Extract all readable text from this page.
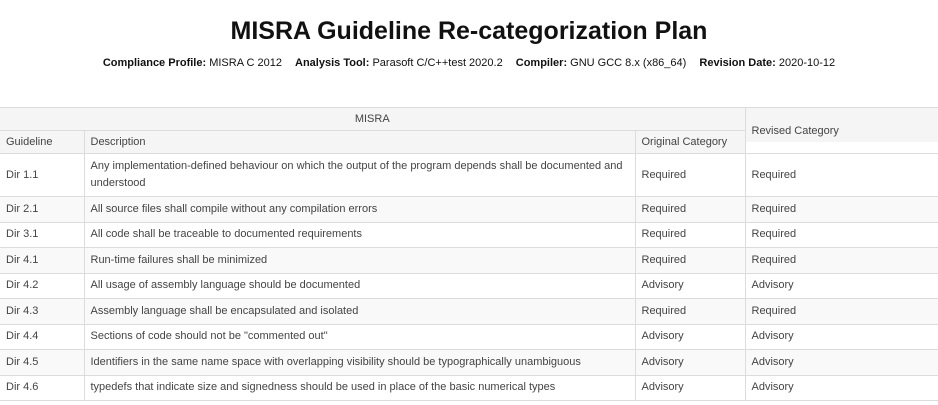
MISRA Guideline Re-categorization Plan
Compliance Profile: MISRA C 2012 Analysis Tool: Parasoft C/C++test 2020.2 Compiler: GNU GCC 8.x (x86_64) Revision Date: 2020-10-12
MISRA			
Guideline	Description	Original Category	Revised Category
Dir 1.1	Any implementation-defined behaviour on which the output of the program depends shall be documented and understood	Required	Required
Dir 2.1	All source files shall compile without any compilation errors	Required	Required
Dir 3.1	All code shall be traceable to documented requirements	Required	Required
Dir 4.1	Run-time failures shall be minimized	Required	Required
Dir 4.2	All usage of assembly language should be documented	Advisory	Advisory
Dir 4.3	Assembly language shall be encapsulated and isolated	Required	Required
Dir 4.4	Sections of code should not be "commented out"	Advisory	Advisory
Dir 4.5	Identifiers in the same name space with overlapping visibility should be typographically unambiguous	Advisory	Advisory
Dir 4.6	typedefs that indicate size and signedness should be used in place of the basic numerical types	Advisory	Advisory
